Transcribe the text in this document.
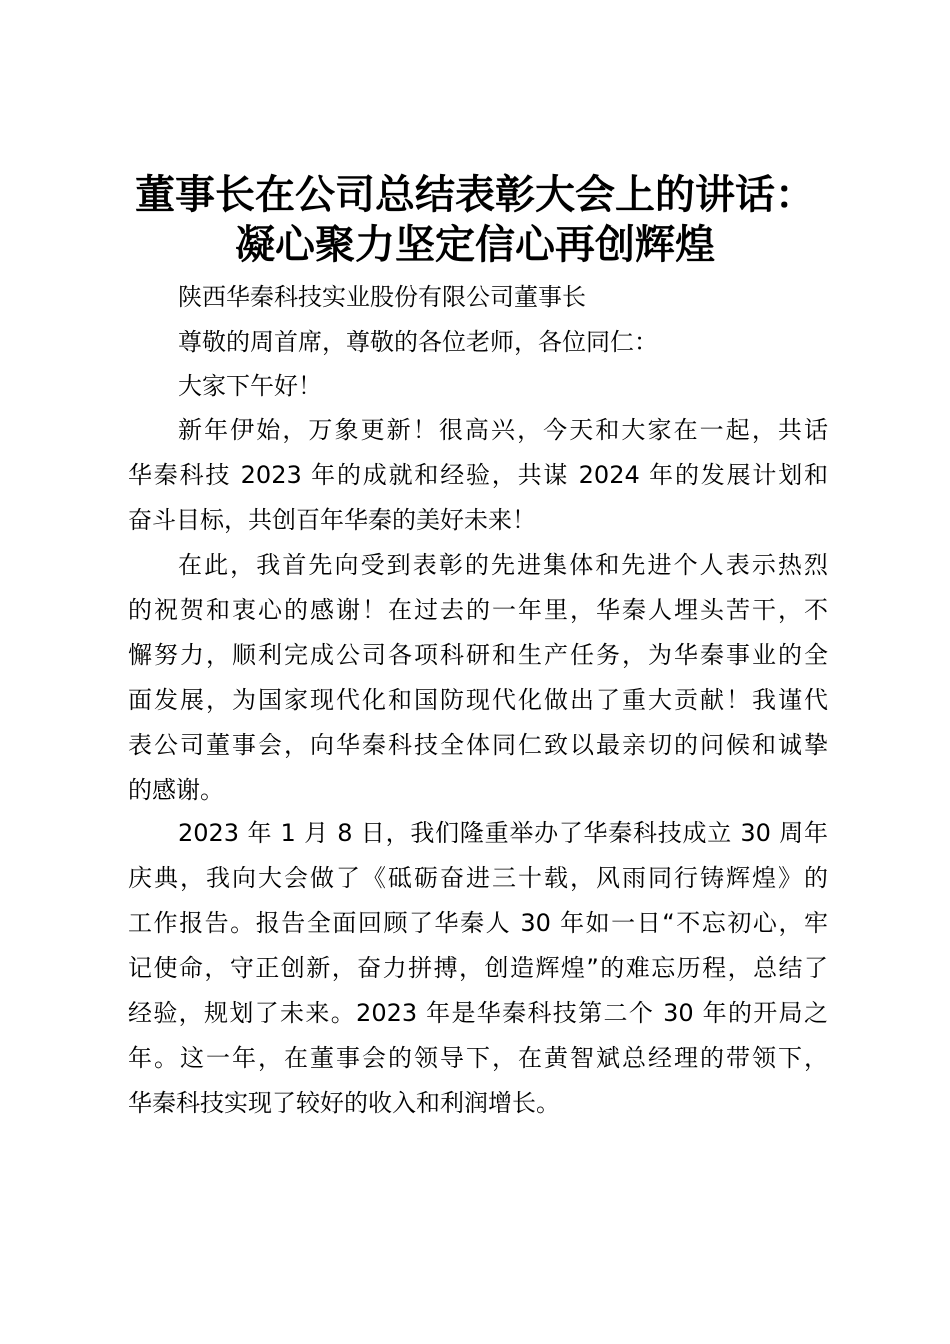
董事长在公司总结表彰大会上的讲话：
凝心聚力坚定信心再创辉煌
陕西华秦科技实业股份有限公司董事长
尊敬的周首席，尊敬的各位老师，各位同仁：
大家下午好！
新年伊始，万象更新！很高兴，今天和大家在一起，共话
华秦科技 2023 年的成就和经验，共谋 2024 年的发展计划和
奋斗目标，共创百年华秦的美好未来！
在此，我首先向受到表彰的先进集体和先进个人表示热烈
的祝贺和衷心的感谢！在过去的一年里，华秦人埋头苦干，不
懈努力，顺利完成公司各项科研和生产任务，为华秦事业的全
面发展，为国家现代化和国防现代化做出了重大贡献！我谨代
表公司董事会，向华秦科技全体同仁致以最亲切的问候和诚挚
的感谢。
2023 年 1 月 8 日，我们隆重举办了华秦科技成立 30 周年
庆典，我向大会做了《砥砺奋进三十载，风雨同行铸辉煌》的
工作报告。报告全面回顾了华秦人 30 年如一日“不忘初心，牢
记使命，守正创新，奋力拼搏，创造辉煌”的难忘历程，总结了
经验，规划了未来。2023 年是华秦科技第二个 30 年的开局之
年。这一年，在董事会的领导下，在黄智斌总经理的带领下，
华秦科技实现了较好的收入和利润增长。
